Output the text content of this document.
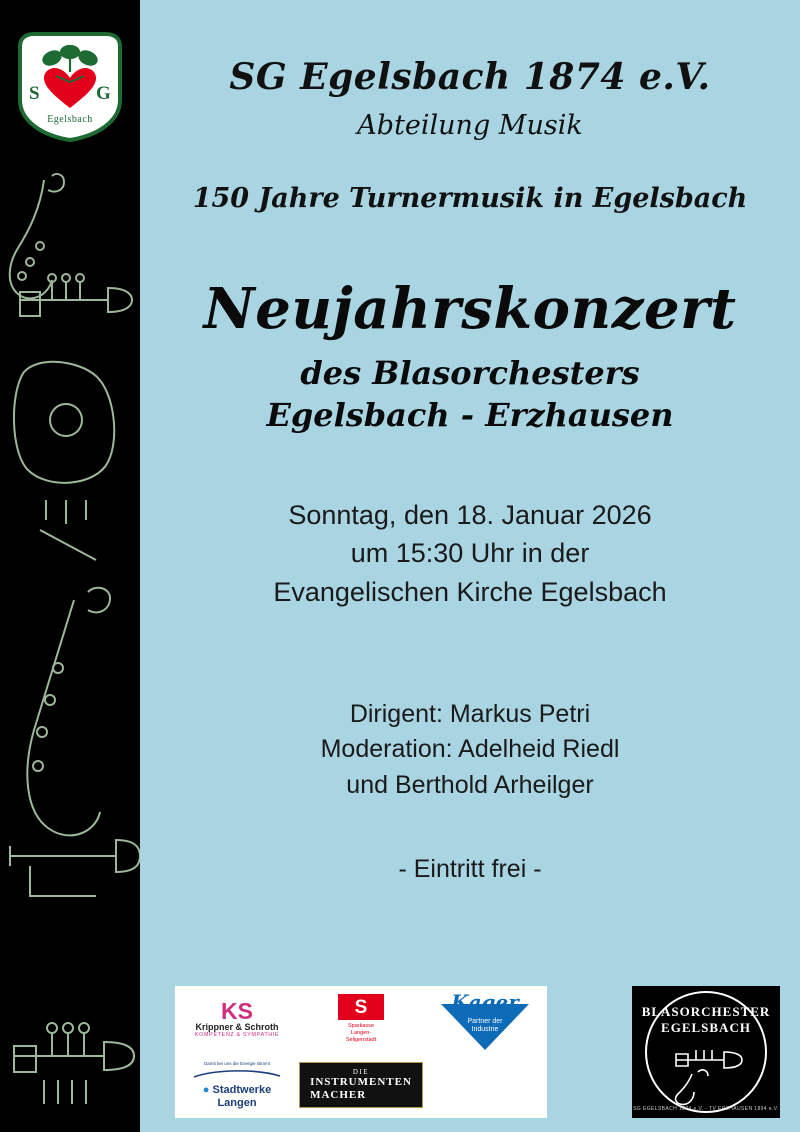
S	G
Egelsbach
SG Egelsbach 1874 e.V.
Abteilung Musik
150 Jahre Turnermusik in Egelsbach
Neujahrskonzert
des Blasorchesters
Egelsbach - Erzhausen
Sonntag, den 18. Januar 2026
um 15:30 Uhr in der
Evangelischen Kirche Egelsbach
Dirigent: Markus Petri
Moderation: Adelheid Riedl
und Berthold Arheilger
- Eintritt frei -
KS
Krippner & Schroth
KOMPETENZ & SYMPATHIE
S
Sparkasse
Langen-
Seligenstadt
Kager
Partner der
Industrie
Damit bei uns die Energie stimmt
● Stadtwerke
Langen
DIE
INSTRUMENTEN
MACHER
BLASORCHESTER
EGELSBACH
SG EGELSBACH 1874 e.V. - TV ERZHAUSEN 1894 e.V.
